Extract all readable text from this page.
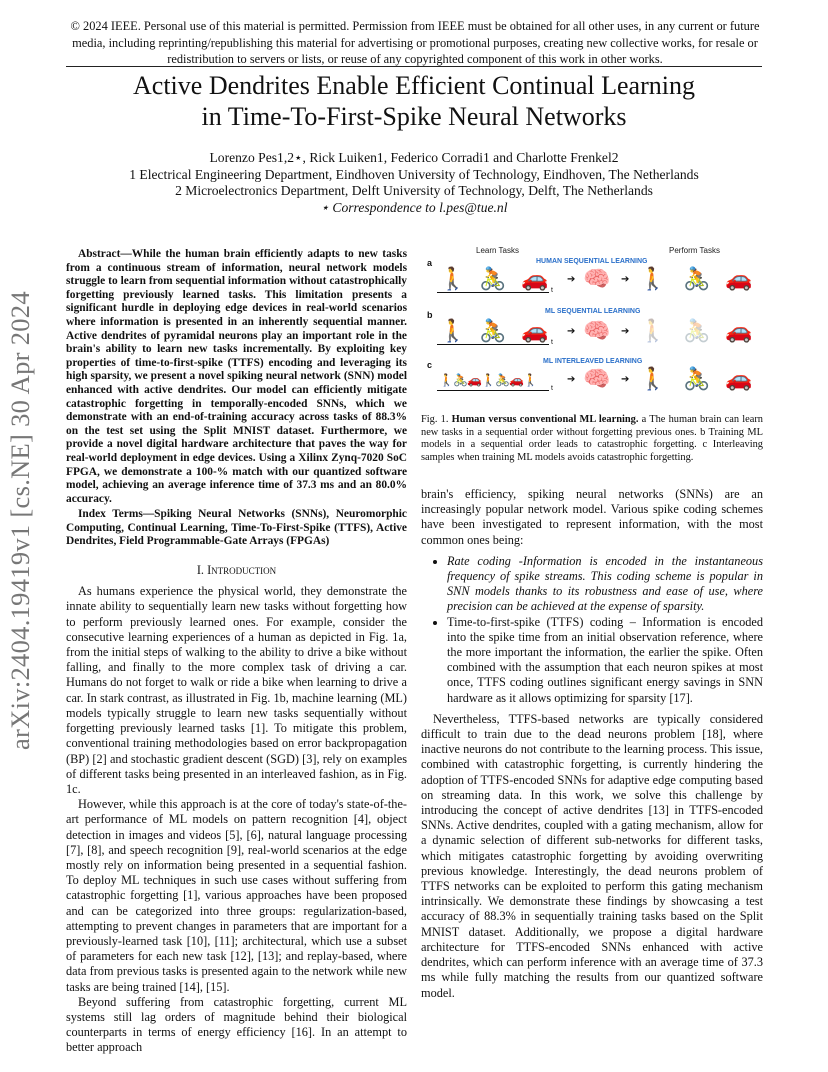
© 2024 IEEE. Personal use of this material is permitted. Permission from IEEE must be obtained for all other uses, in any current or future media, including reprinting/republishing this material for advertising or promotional purposes, creating new collective works, for resale or redistribution to servers or lists, or reuse of any copyrighted component of this work in other works.
Active Dendrites Enable Efficient Continual Learning
in Time-To-First-Spike Neural Networks
Lorenzo Pes1,2⋆, Rick Luiken1, Federico Corradi1 and Charlotte Frenkel2
1 Electrical Engineering Department, Eindhoven University of Technology, Eindhoven, The Netherlands
2 Microelectronics Department, Delft University of Technology, Delft, The Netherlands
⋆ Correspondence to l.pes@tue.nl
arXiv:2404.19419v1 [cs.NE] 30 Apr 2024

Abstract—While the human brain efficiently adapts to new tasks from a continuous stream of information, neural network models struggle to learn from sequential information without catastrophically forgetting previously learned tasks. This limitation presents a significant hurdle in deploying edge devices in real-world scenarios where information is presented in an inherently sequential manner. Active dendrites of pyramidal neurons play an important role in the brain's ability to learn new tasks incrementally. By exploiting key properties of time-to-first-spike (TTFS) encoding and leveraging its high sparsity, we present a novel spiking neural network (SNN) model enhanced with active dendrites. Our model can efficiently mitigate catastrophic forgetting in temporally-encoded SNNs, which we demonstrate with an end-of-training accuracy across tasks of 88.3% on the test set using the Split MNIST dataset. Furthermore, we provide a novel digital hardware architecture that paves the way for real-world deployment in edge devices. Using a Xilinx Zynq-7020 SoC FPGA, we demonstrate a 100-% match with our quantized software model, achieving an average inference time of 37.3 ms and an 80.0% accuracy.

Index Terms—Spiking Neural Networks (SNNs), Neuromorphic Computing, Continual Learning, Time-To-First-Spike (TTFS), Active Dendrites, Field Programmable-Gate Arrays (FPGAs)

I. Introduction

As humans experience the physical world, they demonstrate the innate ability to sequentially learn new tasks without forgetting how to perform previously learned ones. For example, consider the consecutive learning experiences of a human as depicted in Fig. 1a, from the initial steps of walking to the ability to drive a bike without falling, and finally to the more complex task of driving a car. Humans do not forget to walk or ride a bike when learning to drive a car. In stark contrast, as illustrated in Fig. 1b, machine learning (ML) models typically struggle to learn new tasks sequentially without forgetting previously learned tasks [1]. To mitigate this problem, conventional training methodologies based on error backpropagation (BP) [2] and stochastic gradient descent (SGD) [3], rely on examples of different tasks being presented in an interleaved fashion, as in Fig. 1c.

However, while this approach is at the core of today's state-of-the-art performance of ML models on pattern recognition [4], object detection in images and videos [5], [6], natural language processing [7], [8], and speech recognition [9], real-world scenarios at the edge mostly rely on information being presented in a sequential fashion. To deploy ML techniques in such use cases without suffering from catastrophic forgetting [1], various approaches have been proposed and can be categorized into three groups: regularization-based, attempting to prevent changes in parameters that are important for a previously-learned task [10], [11]; architectural, which use a subset of parameters for each new task [12], [13]; and replay-based, where data from previous tasks is presented again to the network while new tasks are being trained [14], [15].

Beyond suffering from catastrophic forgetting, current ML systems still lag orders of magnitude behind their biological counterparts in terms of energy efficiency [16]. In an attempt to better approach

Learn Tasks	Perform Tasks
a	HUMAN SEQUENTIAL LEARNING
🚶 🚴 🚗 t
➔ 🧠 ➔ 🚶 🚴 🚗
b	ML SEQUENTIAL LEARNING
🚶 🚴 🚗 t
➔ 🧠 ➔ 🚶 🚴 🚗
c	ML INTERLEAVED LEARNING
🚶 🚴 🚗 🚶 🚴 🚗 🚶
t
➔ 🧠 ➔ 🚶 🚴 🚗
Fig. 1. Human versus conventional ML learning. a The human brain can learn new tasks in a sequential order without forgetting previous ones. b Training ML models in a sequential order leads to catastrophic forgetting. c Interleaving samples when training ML models avoids catastrophic forgetting.

brain's efficiency, spiking neural networks (SNNs) are an increasingly popular network model. Various spike coding schemes have been investigated to represent information, with the most common ones being:

• Rate coding -Information is encoded in the instantaneous frequency of spike streams. This coding scheme is popular in SNN models thanks to its robustness and ease of use, where precision can be achieved at the expense of sparsity.
• Time-to-first-spike (TTFS) coding – Information is encoded into the spike time from an initial observation reference, where the more important the information, the earlier the spike. Often combined with the assumption that each neuron spikes at most once, TTFS coding outlines significant energy savings in SNN hardware as it allows optimizing for sparsity [17].

Nevertheless, TTFS-based networks are typically considered difficult to train due to the dead neurons problem [18], where inactive neurons do not contribute to the learning process. This issue, combined with catastrophic forgetting, is currently hindering the adoption of TTFS-encoded SNNs for adaptive edge computing based on streaming data. In this work, we solve this challenge by introducing the concept of active dendrites [13] in TTFS-encoded SNNs. Active dendrites, coupled with a gating mechanism, allow for a dynamic selection of different sub-networks for different tasks, which mitigates catastrophic forgetting by avoiding overwriting previous knowledge. Interestingly, the dead neurons problem of TTFS networks can be exploited to perform this gating mechanism intrinsically. We demonstrate these findings by showcasing a test accuracy of 88.3% in sequentially training tasks based on the Split MNIST dataset. Additionally, we propose a digital hardware architecture for TTFS-encoded SNNs enhanced with active dendrites, which can perform inference with an average time of 37.3 ms while fully matching the results from our quantized software model.
